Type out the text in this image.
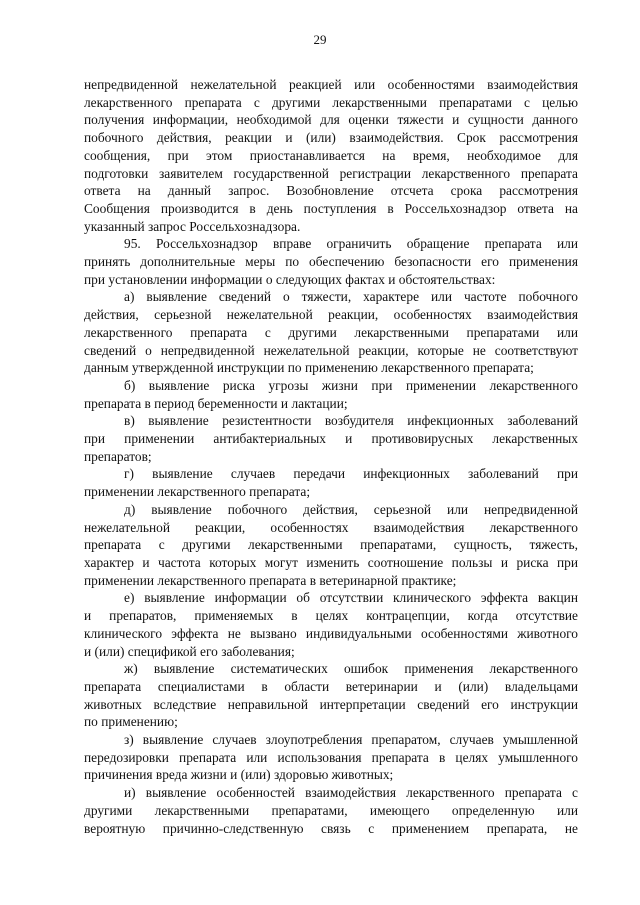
29
непредвиденной нежелательной реакцией или особенностями взаимодействия
лекарственного препарата с другими лекарственными препаратами с целью
получения информации, необходимой для оценки тяжести и сущности данного
побочного действия, реакции и (или) взаимодействия. Срок рассмотрения
сообщения, при этом приостанавливается на время, необходимое для
подготовки заявителем государственной регистрации лекарственного препарата
ответа на данный запрос. Возобновление отсчета срока рассмотрения
Сообщения производится в день поступления в Россельхознадзор ответа на
указанный запрос Россельхознадзора.
95. Россельхознадзор вправе ограничить обращение препарата или
принять дополнительные меры по обеспечению безопасности его применения
при установлении информации о следующих фактах и обстоятельствах:
а) выявление сведений о тяжести, характере или частоте побочного
действия, серьезной нежелательной реакции, особенностях взаимодействия
лекарственного препарата с другими лекарственными препаратами или
сведений о непредвиденной нежелательной реакции, которые не соответствуют
данным утвержденной инструкции по применению лекарственного препарата;
б) выявление риска угрозы жизни при применении лекарственного
препарата в период беременности и лактации;
в) выявление резистентности возбудителя инфекционных заболеваний
при применении антибактериальных и противовирусных лекарственных
препаратов;
г) выявление случаев передачи инфекционных заболеваний при
применении лекарственного препарата;
д) выявление побочного действия, серьезной или непредвиденной
нежелательной реакции, особенностях взаимодействия лекарственного
препарата с другими лекарственными препаратами, сущность, тяжесть,
характер и частота которых могут изменить соотношение пользы и риска при
применении лекарственного препарата в ветеринарной практике;
е) выявление информации об отсутствии клинического эффекта вакцин
и препаратов, применяемых в целях контрацепции, когда отсутствие
клинического эффекта не вызвано индивидуальными особенностями животного
и (или) спецификой его заболевания;
ж) выявление систематических ошибок применения лекарственного
препарата специалистами в области ветеринарии и (или) владельцами
животных вследствие неправильной интерпретации сведений его инструкции
по применению;
з) выявление случаев злоупотребления препаратом, случаев умышленной
передозировки препарата или использования препарата в целях умышленного
причинения вреда жизни и (или) здоровью животных;
и) выявление особенностей взаимодействия лекарственного препарата с
другими лекарственными препаратами, имеющего определенную или
вероятную причинно-следственную связь с применением препарата, не
